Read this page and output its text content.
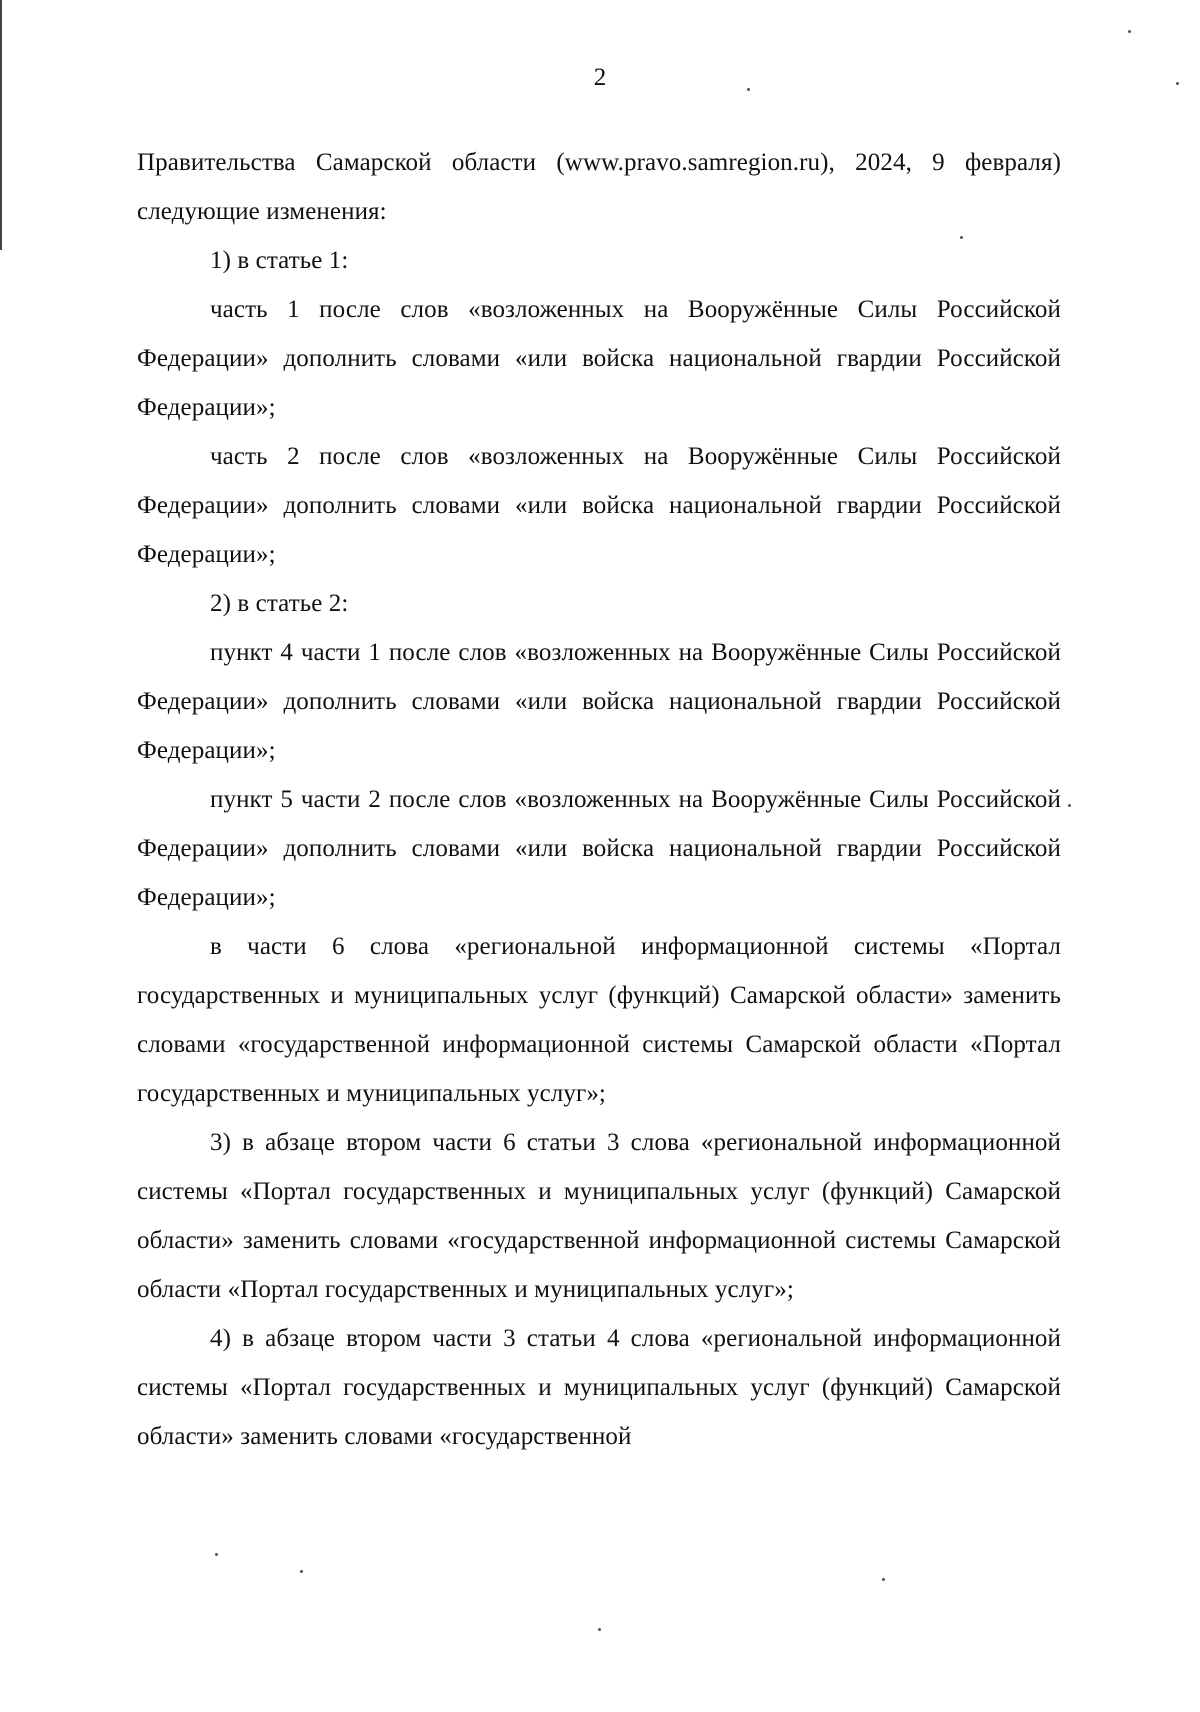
2

Правительства Самарской области (www.pravo.samregion.ru), 2024, 9 февраля) следующие изменения:

1) в статье 1:

часть 1 после слов «возложенных на Вооружённые Силы Российской Федерации» дополнить словами «или войска национальной гвардии Российской Федерации»;

часть 2 после слов «возложенных на Вооружённые Силы Российской Федерации» дополнить словами «или войска национальной гвардии Российской Федерации»;

2) в статье 2:

пункт 4 части 1 после слов «возложенных на Вооружённые Силы Российской Федерации» дополнить словами «или войска национальной гвардии Российской Федерации»;

пункт 5 части 2 после слов «возложенных на Вооружённые Силы Российской Федерации» дополнить словами «или войска национальной гвардии Российской Федерации»;

в части 6 слова «региональной информационной системы «Портал государственных и муниципальных услуг (функций) Самарской области» заменить словами «государственной информационной системы Самарской области «Портал государственных и муниципальных услуг»;

3) в абзаце втором части 6 статьи 3 слова «региональной информационной системы «Портал государственных и муниципальных услуг (функций) Самарской области» заменить словами «государственной информационной системы Самарской области «Портал государственных и муниципальных услуг»;

4) в абзаце втором части 3 статьи 4 слова «региональной информационной системы «Портал государственных и муниципальных услуг (функций) Самарской области» заменить словами «государственной
